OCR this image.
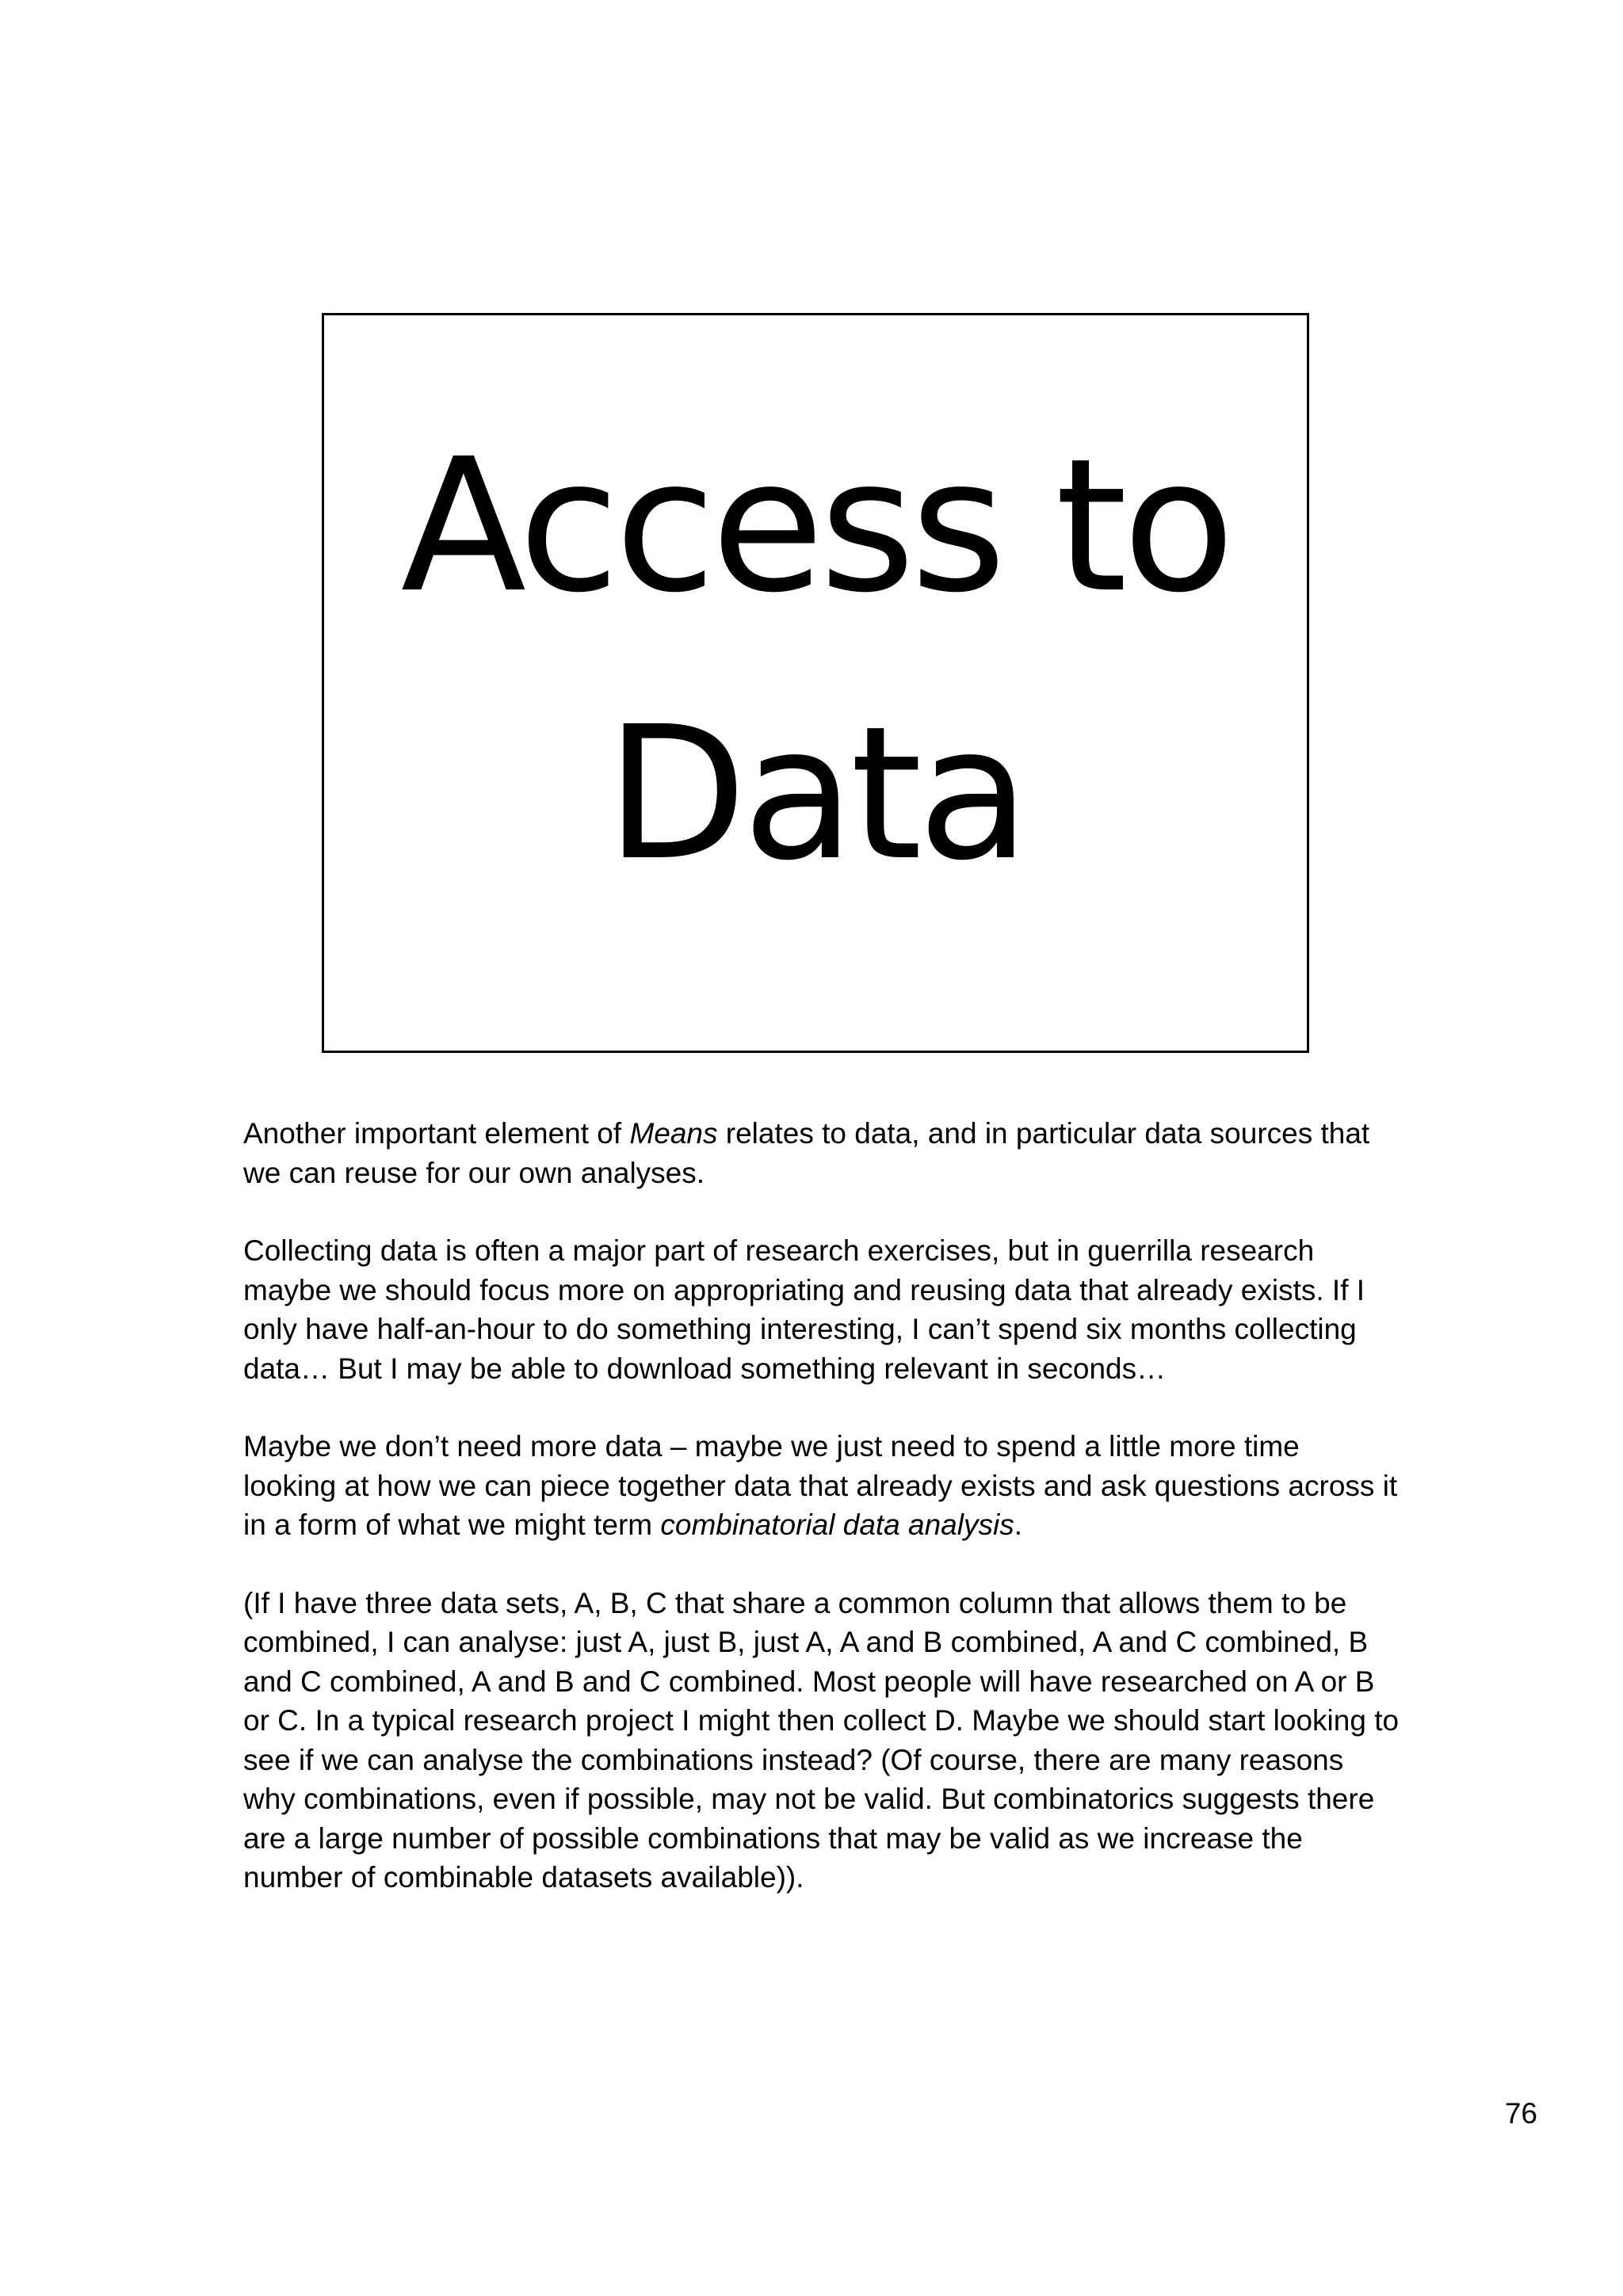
Access to
Data

Another important element of Means relates to data, and in particular data sources that we can reuse for our own analyses.

Collecting data is often a major part of research exercises, but in guerrilla research maybe we should focus more on appropriating and reusing data that already exists. If I only have half-an-hour to do something interesting, I can’t spend six months collecting data… But I may be able to download something relevant in seconds…

Maybe we don’t need more data – maybe we just need to spend a little more time looking at how we can piece together data that already exists and ask questions across it in a form of what we might term combinatorial data analysis.

(If I have three data sets, A, B, C that share a common column that allows them to be combined, I can analyse: just A, just B, just A, A and B combined, A and C combined, B and C combined, A and B and C combined. Most people will have researched on A or B or C. In a typical research project I might then collect D. Maybe we should start looking to see if we can analyse the combinations instead? (Of course, there are many reasons why combinations, even if possible, may not be valid. But combinatorics suggests there are a large number of possible combinations that may be valid as we increase the number of combinable datasets available)).

76
